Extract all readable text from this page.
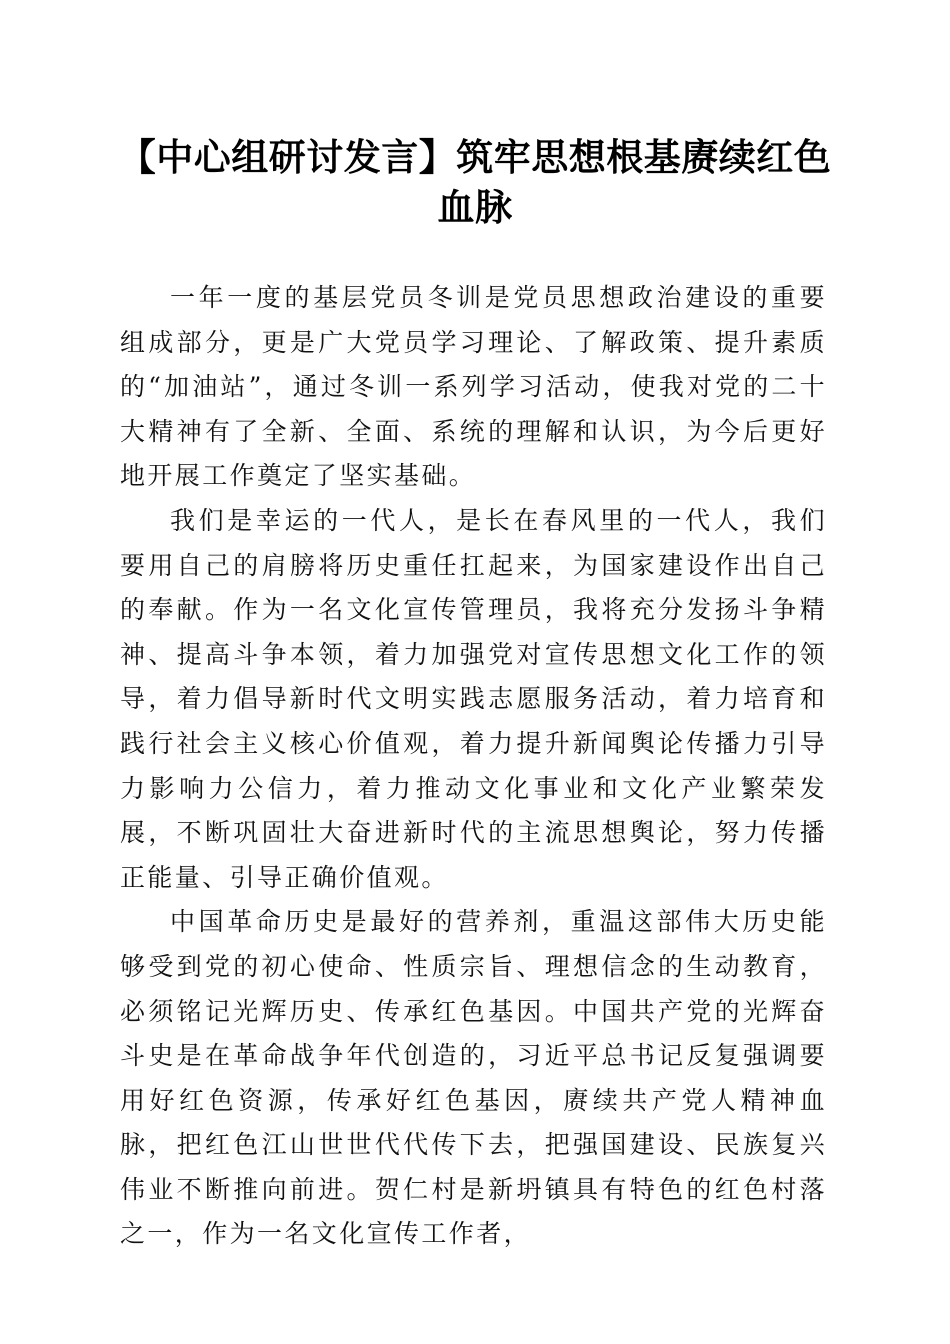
【中心组研讨发言】筑牢思想根基赓续红色血脉

一年一度的基层党员冬训是党员思想政治建设的重要组成部分，更是广大党员学习理论、了解政策、提升素质的“加油站”，通过冬训一系列学习活动，使我对党的二十大精神有了全新、全面、系统的理解和认识，为今后更好地开展工作奠定了坚实基础。

我们是幸运的一代人，是长在春风里的一代人，我们要用自己的肩膀将历史重任扛起来，为国家建设作出自己的奉献。作为一名文化宣传管理员，我将充分发扬斗争精神、提高斗争本领，着力加强党对宣传思想文化工作的领导，着力倡导新时代文明实践志愿服务活动，着力培育和践行社会主义核心价值观，着力提升新闻舆论传播力引导力影响力公信力，着力推动文化事业和文化产业繁荣发展，不断巩固壮大奋进新时代的主流思想舆论，努力传播正能量、引导正确价值观。

中国革命历史是最好的营养剂，重温这部伟大历史能够受到党的初心使命、性质宗旨、理想信念的生动教育，必须铭记光辉历史、传承红色基因。中国共产党的光辉奋斗史是在革命战争年代创造的，习近平总书记反复强调要用好红色资源，传承好红色基因，赓续共产党人精神血脉，把红色江山世世代代传下去，把强国建设、民族复兴伟业不断推向前进。贺仁村是新坍镇具有特色的红色村落之一，作为一名文化宣传工作者，
